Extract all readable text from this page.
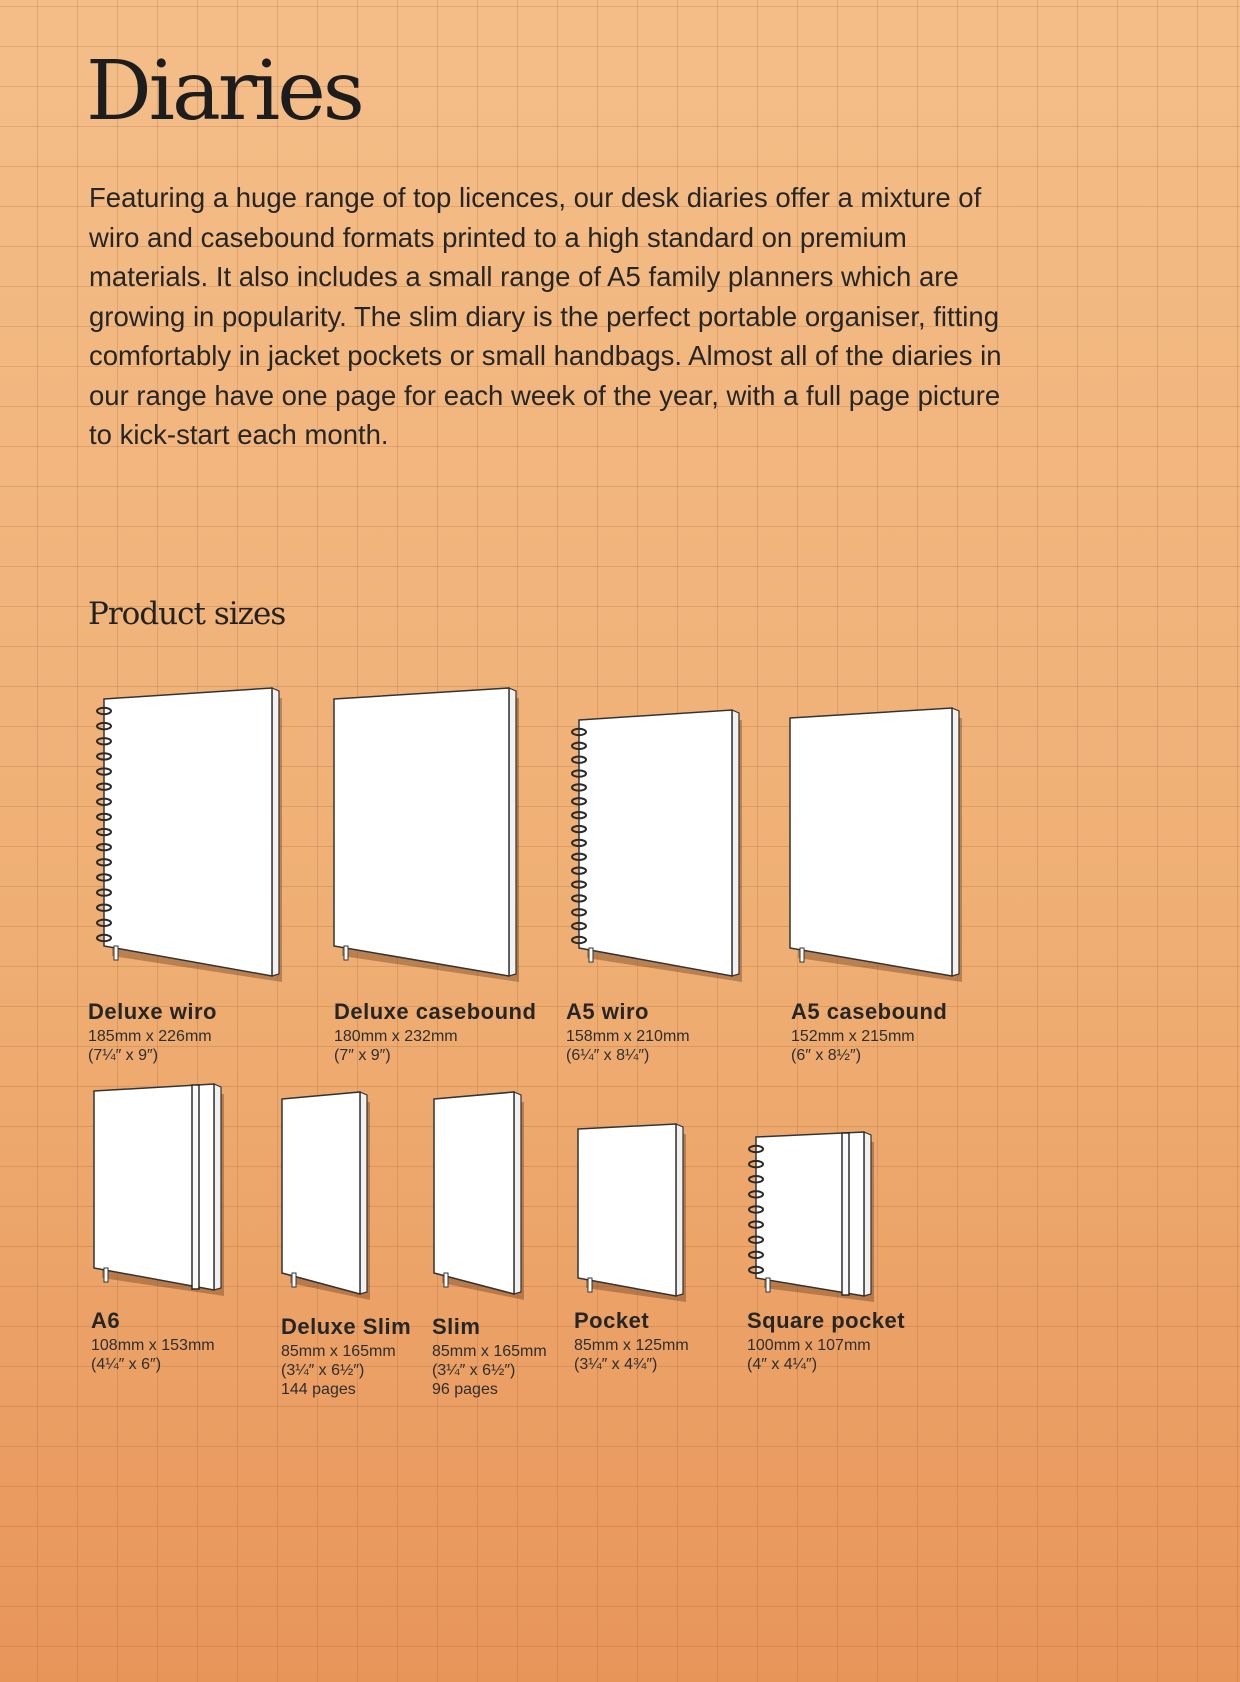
Diaries

Featuring a huge range of top licences, our desk diaries offer a mixture of wiro and casebound formats printed to a high standard on premium materials. It also includes a small range of A5 family planners which are growing in popularity. The slim diary is the perfect portable organiser, fitting comfortably in jacket pockets or small handbags. Almost all of the diaries in our range have one page for each week of the year, with a full page picture to kick-start each month.

Product sizes
Deluxe wiro
185mm x 226mm
(7¼″ x 9″)
Deluxe casebound
180mm x 232mm
(7″ x 9″)
A5 wiro
158mm x 210mm
(6¼″ x 8¼″)
A5 casebound
152mm x 215mm
(6″ x 8½″)
A6
108mm x 153mm
(4¼″ x 6″)
Deluxe Slim
85mm x 165mm
(3¼″ x 6½″)
144 pages
Slim
85mm x 165mm
(3¼″ x 6½″)
96 pages
Pocket
85mm x 125mm
(3¼″ x 4¾″)
Square pocket
100mm x 107mm
(4″ x 4¼″)
